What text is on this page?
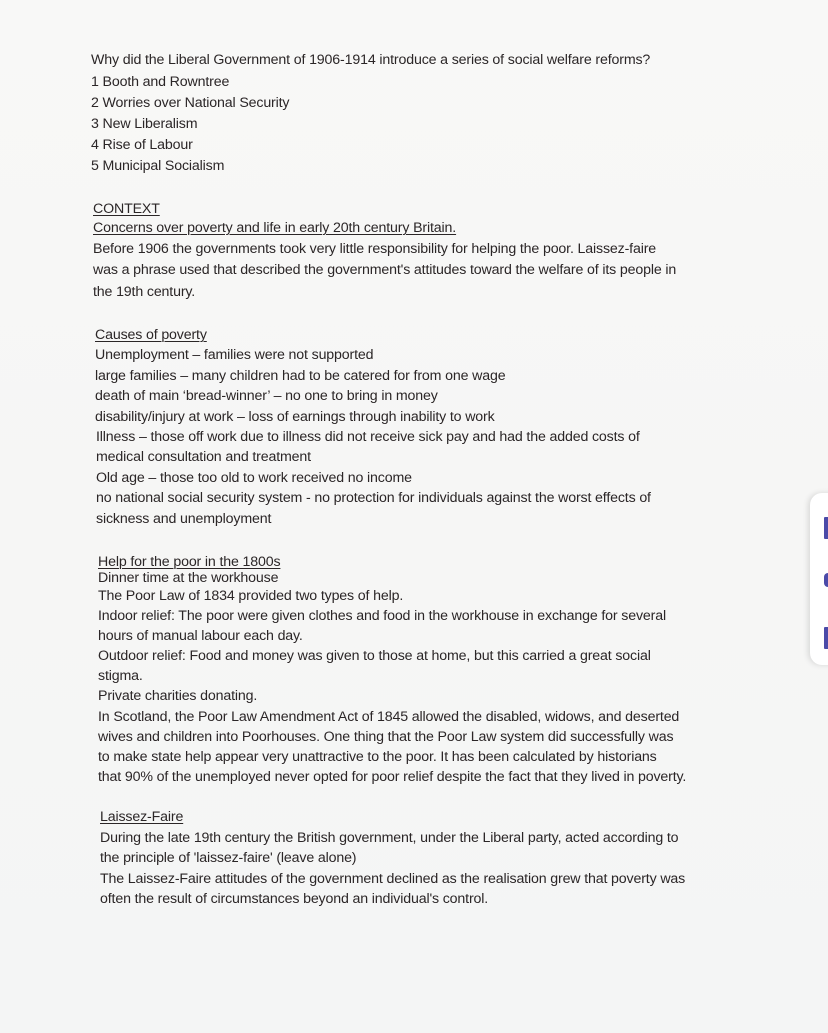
Why did the Liberal Government of 1906-1914 introduce a series of social welfare reforms?
1 Booth and Rowntree
2 Worries over National Security
3 New Liberalism
4 Rise of Labour
5 Municipal Socialism
CONTEXT
Concerns over poverty and life in early 20th century Britain.
Before 1906 the governments took very little responsibility for helping the poor. Laissez-faire
was a phrase used that described the government's attitudes toward the welfare of its people in
the 19th century.
Causes of poverty
Unemployment – families were not supported
large families – many children had to be catered for from one wage
death of main ‘bread-winner’ – no one to bring in money
disability/injury at work – loss of earnings through inability to work
Illness – those off work due to illness did not receive sick pay and had the added costs of
medical consultation and treatment
Old age – those too old to work received no income
no national social security system - no protection for individuals against the worst effects of
sickness and unemployment
Help for the poor in the 1800s
Dinner time at the workhouse
The Poor Law of 1834 provided two types of help.
Indoor relief: The poor were given clothes and food in the workhouse in exchange for several
hours of manual labour each day.
Outdoor relief: Food and money was given to those at home, but this carried a great social
stigma.
Private charities donating.
In Scotland, the Poor Law Amendment Act of 1845 allowed the disabled, widows, and deserted
wives and children into Poorhouses. One thing that the Poor Law system did successfully was
to make state help appear very unattractive to the poor. It has been calculated by historians
that 90% of the unemployed never opted for poor relief despite the fact that they lived in poverty.
Laissez-Faire
During the late 19th century the British government, under the Liberal party, acted according to
the principle of 'laissez-faire' (leave alone)
The Laissez-Faire attitudes of the government declined as the realisation grew that poverty was
often the result of circumstances beyond an individual's control.
